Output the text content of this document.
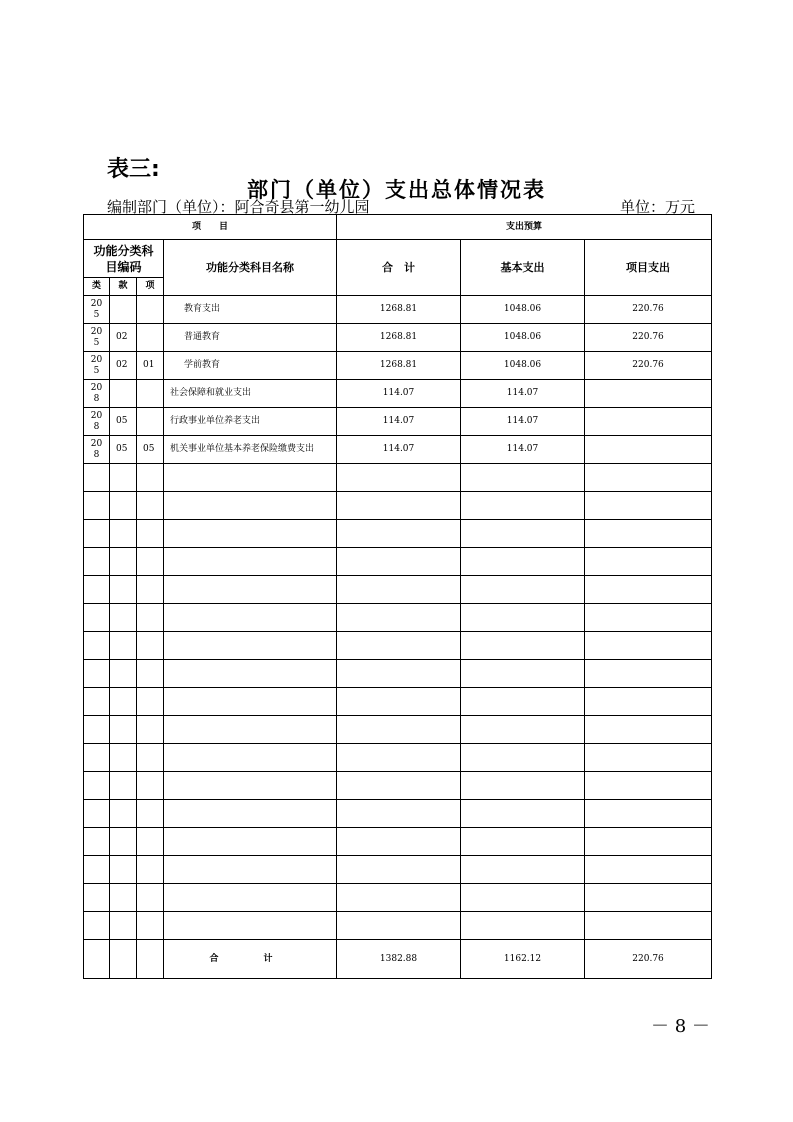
表三:
部门（单位）支出总体情况表
编制部门（单位）：阿合奇县第一幼儿园	单位：万元
项　　目				支出预算		
功能分类科目编码			功能分类科目名称	合　计	基本支出	项目支出
类	款	项				

20
5			教育支出	1268.81	1048.06	220.76

20
5	02		普通教育	1268.81	1048.06	220.76

20
5	02	01	学前教育	1268.81	1048.06	220.76

20
8			社会保障和就业支出	114.07	114.07	

20
8	05		行政事业单位养老支出	114.07	114.07	

20
8	05	05	机关事业单位基本养老保险缴费支出	114.07	114.07	

			合　计	1382.88	1162.12	220.76
－ 8 －
